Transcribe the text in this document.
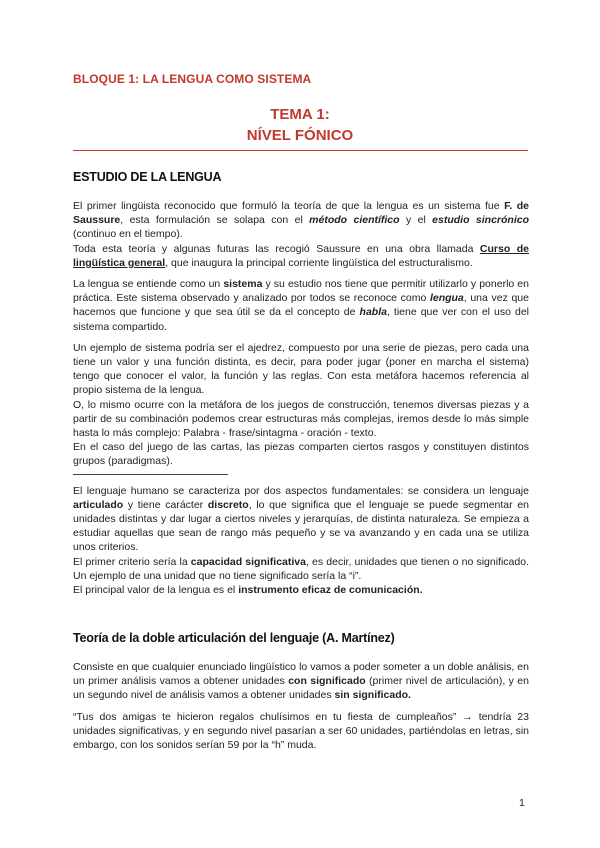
BLOQUE 1: LA LENGUA COMO SISTEMA
TEMA 1:
NÍVEL FÓNICO
ESTUDIO DE LA LENGUA

El primer lingüista reconocido que formuló la teoría de que la lengua es un sistema fue F. de Saussure, esta formulación se solapa con el método científico y el estudio sincrónico (continuo en el tiempo).

Toda esta teoría y algunas futuras las recogió Saussure en una obra llamada Curso de lingüística general, que inaugura la principal corriente lingüística del estructuralismo.

La lengua se entiende como un sistema y su estudio nos tiene que permitir utilizarlo y ponerlo en práctica. Este sistema observado y analizado por todos se reconoce como lengua, una vez que hacemos que funcione y que sea útil se da el concepto de habla, tiene que ver con el uso del sistema compartido.

Un ejemplo de sistema podría ser el ajedrez, compuesto por una serie de piezas, pero cada una tiene un valor y una función distinta, es decir, para poder jugar (poner en marcha el sistema) tengo que conocer el valor, la función y las reglas. Con esta metáfora hacemos referencia al propio sistema de la lengua.

O, lo mismo ocurre con la metáfora de los juegos de construcción, tenemos diversas piezas y a partir de su combinación podemos crear estructuras más complejas, iremos desde lo más simple hasta lo más complejo: Palabra - frase/sintagma - oración - texto.

En el caso del juego de las cartas, las piezas comparten ciertos rasgos y constituyen distintos grupos (paradigmas).

El lenguaje humano se caracteriza por dos aspectos fundamentales: se considera un lenguaje articulado y tiene carácter discreto, lo que significa que el lenguaje se puede segmentar en unidades distintas y dar lugar a ciertos niveles y jerarquías, de distinta naturaleza. Se empieza a estudiar aquellas que sean de rango más pequeño y se va avanzando y en cada una se utiliza unos criterios.

El primer criterio sería la capacidad significativa, es decir, unidades que tienen o no significado. Un ejemplo de una unidad que no tiene significado sería la “i”.

El principal valor de la lengua es el instrumento eficaz de comunicación.

Teoría de la doble articulación del lenguaje (A. Martínez)

Consiste en que cualquier enunciado lingüístico lo vamos a poder someter a un doble análisis, en un primer análisis vamos a obtener unidades con significado (primer nivel de articulación), y en un segundo nivel de análisis vamos a obtener unidades sin significado.

“Tus dos amigas te hicieron regalos chulísimos en tu fiesta de cumpleaños” → tendría 23 unidades significativas, y en segundo nivel pasarían a ser 60 unidades, partiéndolas en letras, sin embargo, con los sonidos serían 59 por la “h” muda.

1
